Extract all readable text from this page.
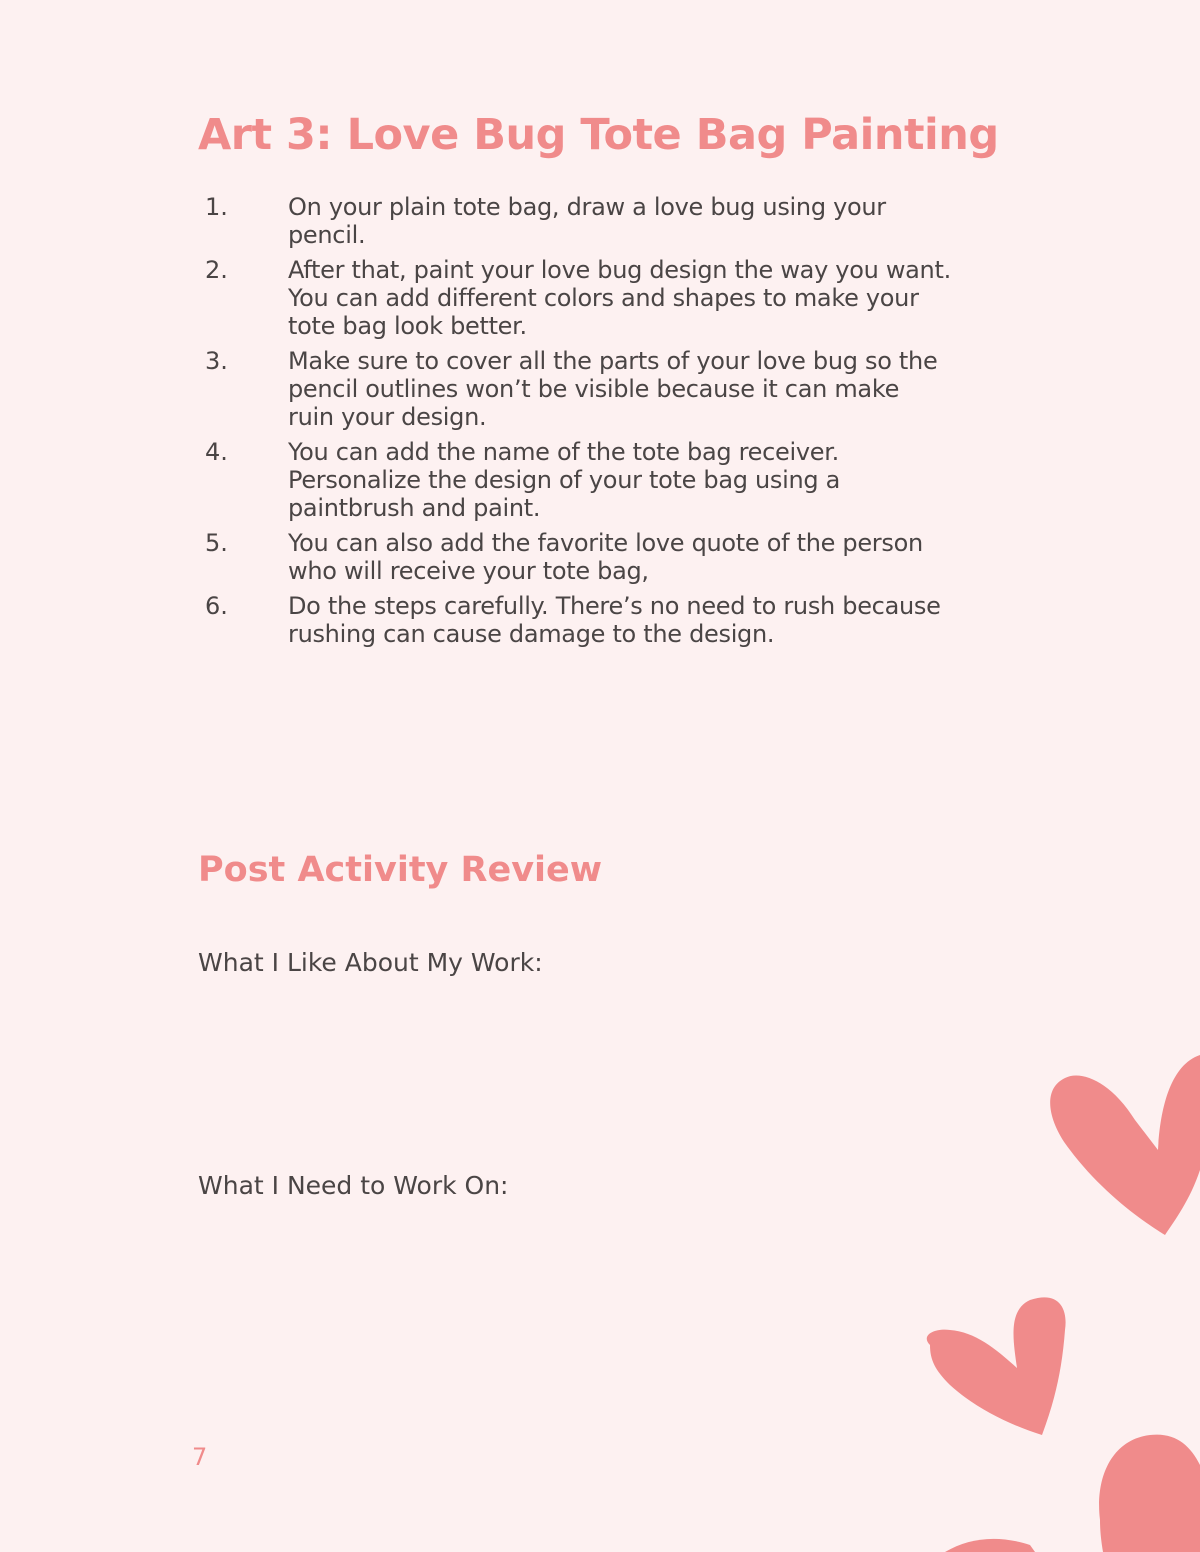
Art 3: Love Bug Tote Bag Painting
1.	On your plain tote bag, draw a love bug using your
pencil.
2.	After that, paint your love bug design the way you want.
You can add different colors and shapes to make your
tote bag look better.
3.	Make sure to cover all the parts of your love bug so the
pencil outlines won’t be visible because it can make
ruin your design.
4.	You can add the name of the tote bag receiver.
Personalize the design of your tote bag using a
paintbrush and paint.
5.	You can also add the favorite love quote of the person
who will receive your tote bag,
6.	Do the steps carefully. There’s no need to rush because
rushing can cause damage to the design.
Post Activity Review
What I Like About My Work:
What I Need to Work On:
7
